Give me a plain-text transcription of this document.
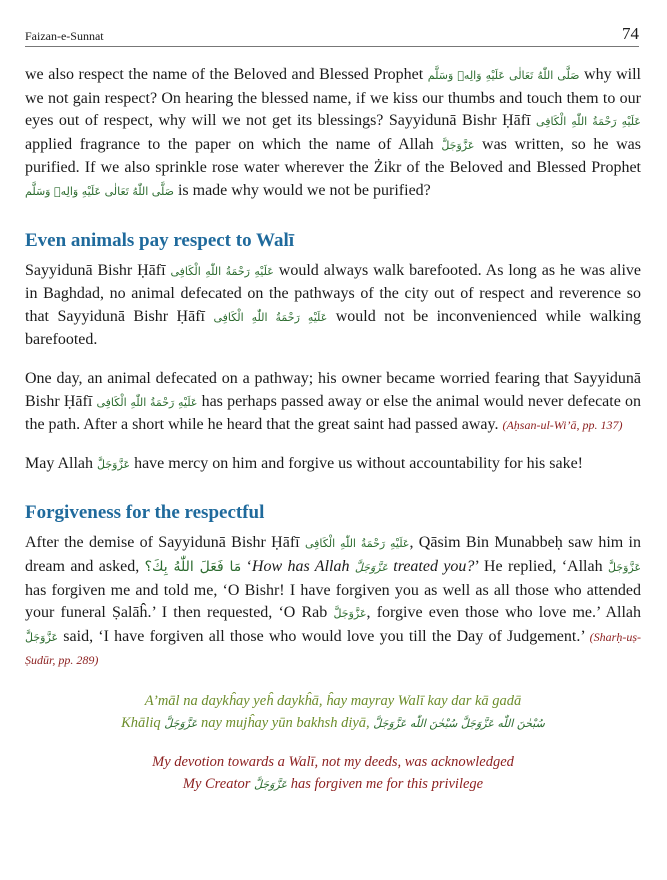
Faizan-e-Sunnat	74

we also respect the name of the Beloved and Blessed Prophet صَلَّى اللّٰهُ تَعَالٰى عَلَيْهِ وَالِهٖ وَسَلَّم why will we not gain respect? On hearing the blessed name, if we kiss our thumbs and touch them to our eyes out of respect, why will we not get its blessings? Sayyidunā Bishr Ḥāfī عَلَيْهِ رَحْمَةُ اللّٰهِ الْكَافِى applied fragrance to the paper on which the name of Allah عَزَّوَجَلَّ was written, so he was purified. If we also sprinkle rose water wherever the Żikr of the Beloved and Blessed Prophet صَلَّى اللّٰهُ تَعَالٰى عَلَيْهِ وَالِهٖ وَسَلَّم is made why would we not be purified?

Even animals pay respect to Walī

Sayyidunā Bishr Ḥāfī عَلَيْهِ رَحْمَةُ اللّٰهِ الْكَافِى would always walk barefooted. As long as he was alive in Baghdad, no animal defecated on the pathways of the city out of respect and reverence so that Sayyidunā Bishr Ḥāfī عَلَيْهِ رَحْمَةُ اللّٰهِ الْكَافِى would not be inconvenienced while walking barefooted.

One day, an animal defecated on a pathway; his owner became worried fearing that Sayyidunā Bishr Ḥāfī عَلَيْهِ رَحْمَةُ اللّٰهِ الْكَافِى has perhaps passed away or else the animal would never defecate on the path. After a short while he heard that the great saint had passed away. (Aḥsan-ul-Wi’ā, pp. 137)

May Allah عَزَّوَجَلَّ have mercy on him and forgive us without accountability for his sake!

Forgiveness for the respectful

After the demise of Sayyidunā Bishr Ḥāfī عَلَيْهِ رَحْمَةُ اللّٰهِ الْكَافِى, Qāsim Bin Munabbeḥ saw him in dream and asked, مَا فَعَلَ اللّٰهُ بِكَ؟ ‘How has Allah عَزَّوَجَلَّ treated you?’ He replied, ‘Allah عَزَّوَجَلَّ has forgiven me and told me, ‘O Bishr! I have forgiven you as well as all those who attended your funeral Ṣalāĥ.’ I then requested, ‘O Rab عَزَّوَجَلَّ, forgive even those who love me.’ Allah عَزَّوَجَلَّ said, ‘I have forgiven all those who would love you till the Day of Judgement.’ (Sharḥ-uṣ-Ṣudūr, pp. 289)

A’māl na daykĥay yeĥ daykĥā, ĥay mayray Walī kay dar kā gadā
Khāliq عَزَّوَجَلَّ nay mujĥay yūn bakhsh diyā, سُبْحٰنَ اللّٰه عَزَّوَجَلَّ سُبْحٰنَ اللّٰه عَزَّوَجَلَّ
My devotion towards a Walī, not my deeds, was acknowledged
My Creator عَزَّوَجَلَّ has forgiven me for this privilege
